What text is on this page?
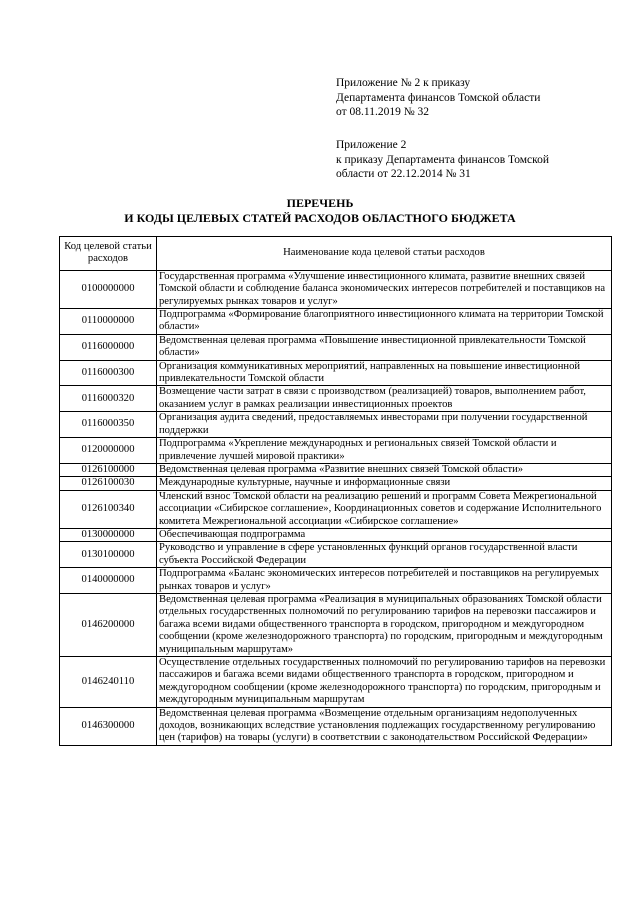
Приложение № 2 к приказу
Департамента финансов Томской области
от 08.11.2019 № 32
Приложение 2
к приказу Департамента финансов Томской
области от 22.12.2014 № 31
ПЕРЕЧЕНЬ
И КОДЫ ЦЕЛЕВЫХ СТАТЕЙ РАСХОДОВ ОБЛАСТНОГО БЮДЖЕТА
Код целевой статьи расходов	Наименование кода целевой статьи расходов
0100000000	Государственная программа «Улучшение инвестиционного климата, развитие внешних связей Томской области и соблюдение баланса экономических интересов потребителей и поставщиков на регулируемых рынках товаров и услуг»
0110000000	Подпрограмма «Формирование благоприятного инвестиционного климата на территории Томской области»
0116000000	Ведомственная целевая программа «Повышение инвестиционной привлекательности Томской области»
0116000300	Организация коммуникативных мероприятий, направленных на повышение инвестиционной привлекательности Томской области
0116000320	Возмещение части затрат в связи с производством (реализацией) товаров, выполнением работ, оказанием услуг в рамках реализации инвестиционных проектов
0116000350	Организация аудита сведений, предоставляемых инвесторами при получении государственной поддержки
0120000000	Подпрограмма «Укрепление международных и региональных связей Томской области и привлечение лучшей мировой практики»
0126100000	Ведомственная целевая программа «Развитие внешних связей Томской области»
0126100030	Международные культурные, научные и информационные связи
0126100340	Членский взнос Томской области на реализацию решений и программ Совета Межрегиональной ассоциации «Сибирское соглашение», Координационных советов и содержание Исполнительного комитета Межрегиональной ассоциации «Сибирское соглашение»
0130000000	Обеспечивающая подпрограмма
0130100000	Руководство и управление в сфере установленных функций органов государственной власти субъекта Российской Федерации
0140000000	Подпрограмма «Баланс экономических интересов потребителей и поставщиков на регулируемых рынках товаров и услуг»
0146200000	Ведомственная целевая программа «Реализация в муниципальных образованиях Томской области отдельных государственных полномочий по регулированию тарифов на перевозки пассажиров и багажа всеми видами общественного транспорта в городском, пригородном и междугородном сообщении (кроме железнодорожного транспорта) по городским, пригородным и междугородным муниципальным маршрутам»
0146240110	Осуществление отдельных государственных полномочий по регулированию тарифов на перевозки пассажиров и багажа всеми видами общественного транспорта в городском, пригородном и междугородном сообщении (кроме железнодорожного транспорта) по городским, пригородным и междугородным муниципальным маршрутам
0146300000	Ведомственная целевая программа «Возмещение отдельным организациям недополученных доходов, возникающих вследствие установления подлежащих государственному регулированию цен (тарифов) на товары (услуги) в соответствии с законодательством Российской Федерации»
